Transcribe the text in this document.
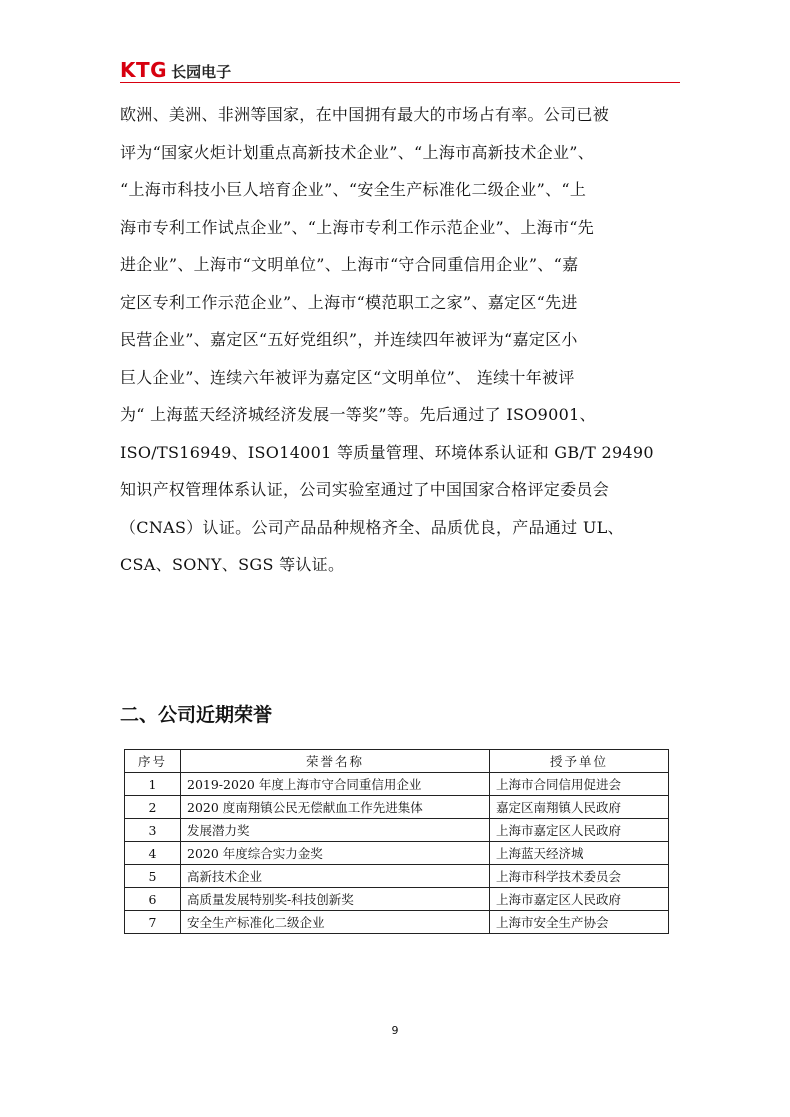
KTG 长园电子

欧洲、美洲、非洲等国家，在中国拥有最大的市场占有率。公司已被
评为“国家火炬计划重点高新技术企业”、“上海市高新技术企业”、
“上海市科技小巨人培育企业”、“安全生产标准化二级企业”、“上
海市专利工作试点企业”、“上海市专利工作示范企业”、上海市“先
进企业”、上海市“文明单位”、上海市“守合同重信用企业”、“嘉
定区专利工作示范企业”、上海市“模范职工之家”、嘉定区“先进
民营企业”、嘉定区“五好党组织”，并连续四年被评为“嘉定区小
巨人企业”、连续六年被评为嘉定区“文明单位”、 连续十年被评
为“ 上海蓝天经济城经济发展一等奖”等。先后通过了 ISO9001、
ISO/TS16949、ISO14001 等质量管理、环境体系认证和 GB/T 29490
知识产权管理体系认证，公司实验室通过了中国国家合格评定委员会
（CNAS）认证。公司产品品种规格齐全、品质优良，产品通过 UL、
CSA、SONY、SGS 等认证。

二、公司近期荣誉
序号	荣誉名称	授予单位
1	2019-2020 年度上海市守合同重信用企业	上海市合同信用促进会
2	2020 度南翔镇公民无偿献血工作先进集体	嘉定区南翔镇人民政府
3	发展潜力奖	上海市嘉定区人民政府
4	2020 年度综合实力金奖	上海蓝天经济城
5	高新技术企业	上海市科学技术委员会
6	高质量发展特别奖-科技创新奖	上海市嘉定区人民政府
7	安全生产标准化二级企业	上海市安全生产协会
9
